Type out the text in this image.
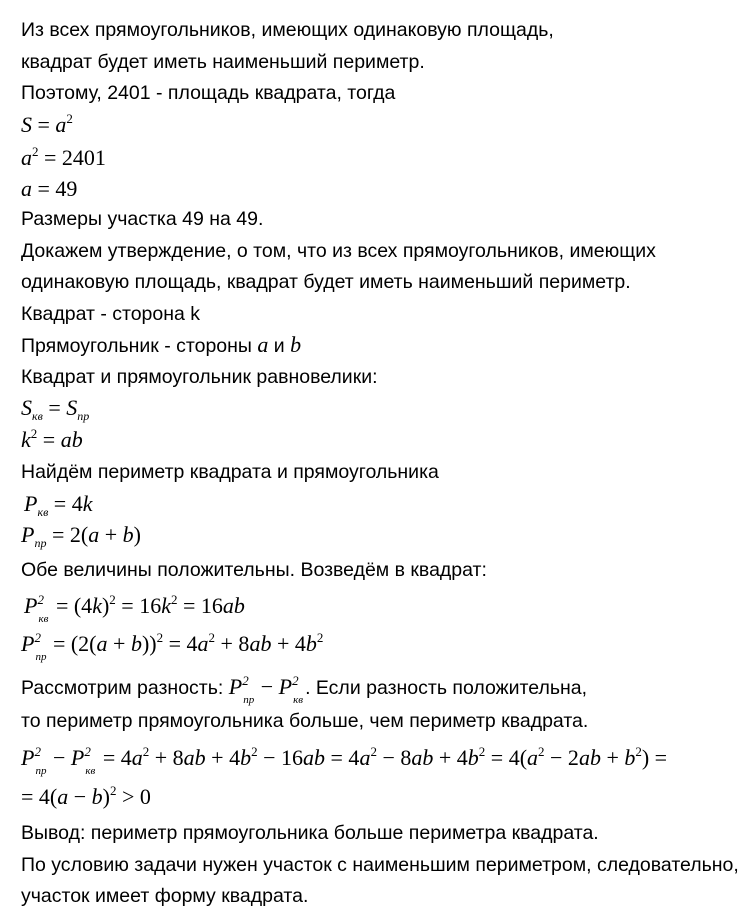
Из всех прямоугольников, имеющих одинаковую площадь,
квадрат будет иметь наименьший периметр.
Поэтому, 2401 - площадь квадрата, тогда
$S = a^2$
$a^2 = 2401$
a = 49
Размеры участка 49 на 49.
Докажем утверждение, о том, что из всех прямоугольников, имеющих
одинаковую площадь, квадрат будет иметь наименьший периметр.
Квадрат - сторона k
Прямоугольник - стороны a и b
Квадрат и прямоугольник равновелики:
$S_{кв} = S_{пр}$
$k^2$ = ab
Найдём периметр квадрата и прямоугольника
$P_{кв} = 4k$
$P_{пр} = 2(a + b)$
Обе величины положительны. Возведём в квадрат:
P 2
кв
= $(4k)^2 = 16k^2 = 16ab$
P 2
пр
= $(2(a + b))^2 = 4a^2 + 8ab + 4b^2$
Рассмотрим разность: P 2
пр
− P 2
кв
. Если разность положительна,
то периметр прямоугольника больше, чем периметр квадрата.
P 2
пр
− P 2
кв
= $4a^2 + 8ab + 4b^2 - 16ab = 4a^2 - 8ab + 4b^2 = 4(a^2 - 2ab + b^2)$ =
= $4(a - b)^2 > 0$
Вывод: периметр прямоугольника больше периметра квадрата.
По условию задачи нужен участок с наименьшим периметром, следовательно,
участок имеет форму квадрата.
